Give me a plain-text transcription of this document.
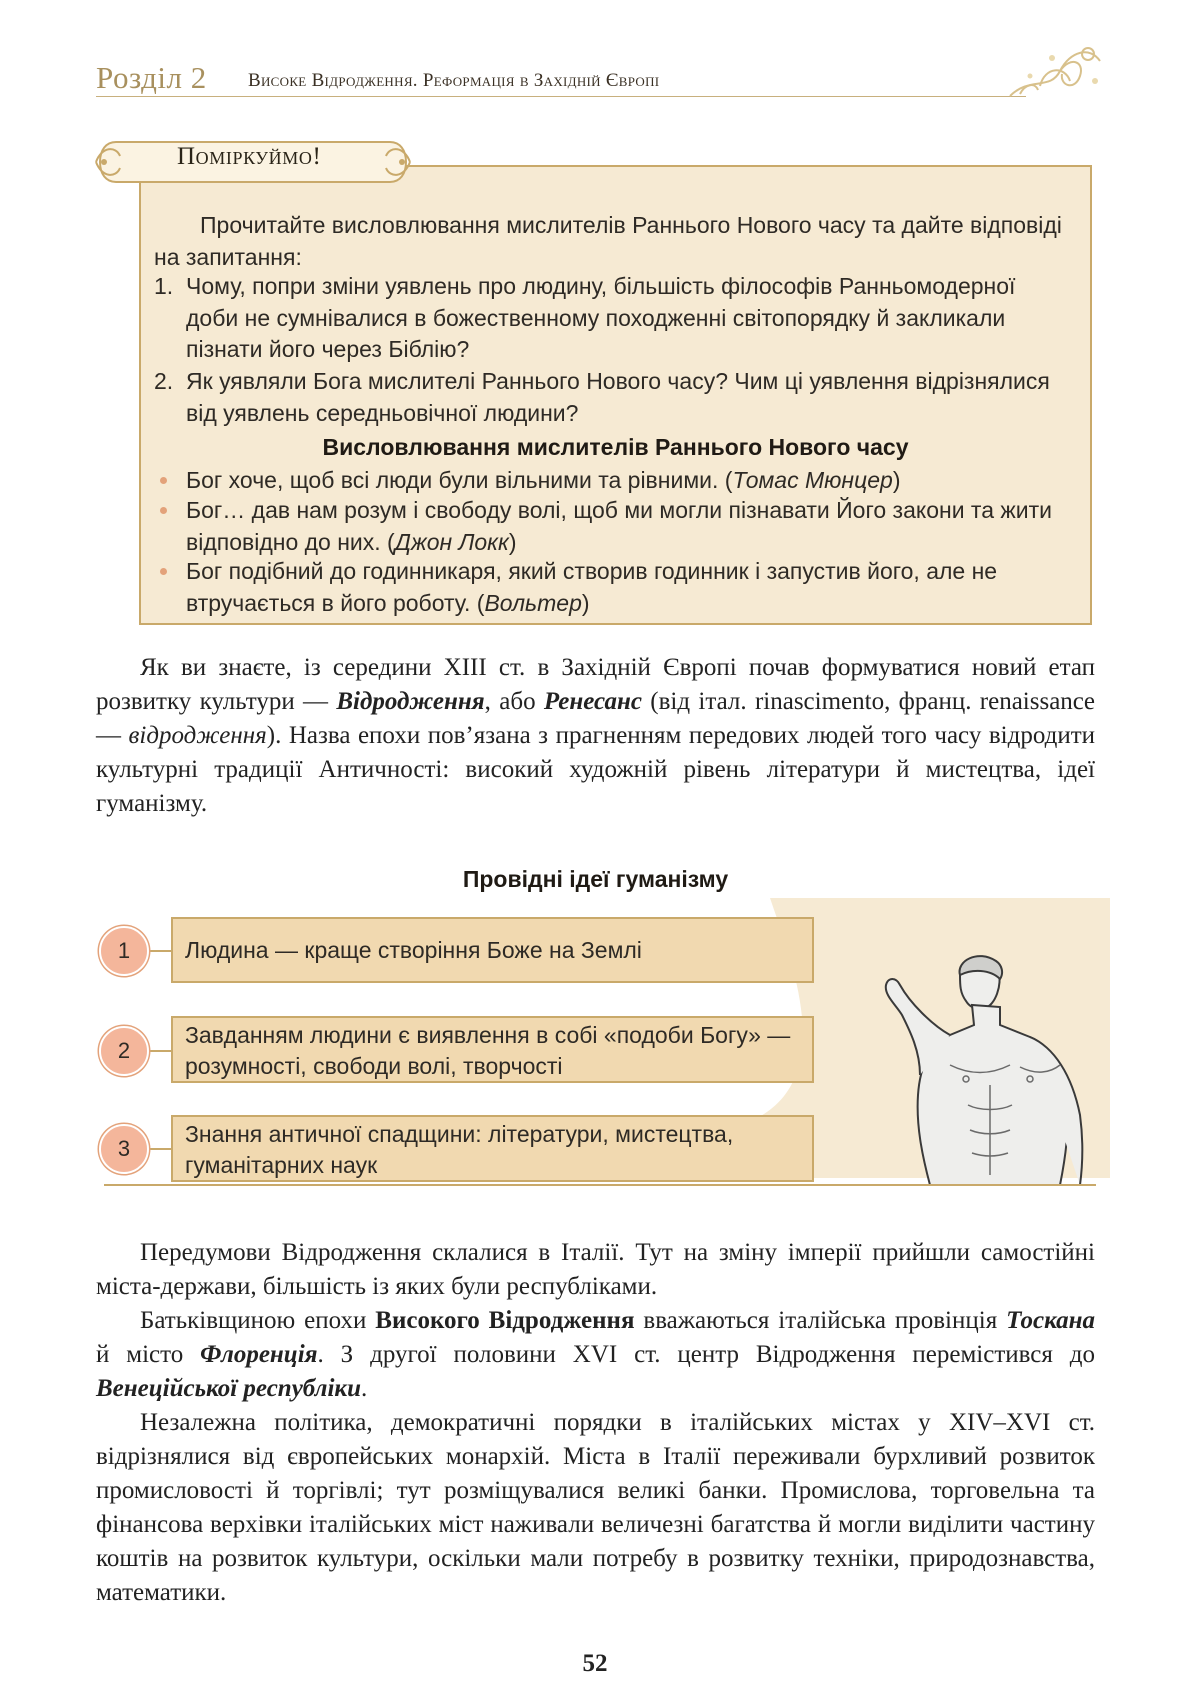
Розділ 2 Високе Відродження. Реформація в Західній Європі
Поміркуймо!
Прочитайте висловлювання мислителів Раннього Нового часу та дайте відповіді на запитання:
1. Чому, попри зміни уявлень про людину, більшість філософів Ранньомодерної доби не сумнівалися в божественному походженні світопорядку й закликали пізнати його через Біблію?
2. Як уявляли Бога мислителі Раннього Нового часу? Чим ці уявлення відрізнялися від уявлень середньовічної людини?
Висловлювання мислителів Раннього Нового часу
Бог хоче, щоб всі люди були вільними та рівними. (Томас Мюнцер)
Бог… дав нам розум і свободу волі, щоб ми могли пізнавати Його закони та жити відповідно до них. (Джон Локк)
Бог подібний до годинникаря, який створив годинник і запустив його, але не втручається в його роботу. (Вольтер)
Як ви знаєте, із середини XIII ст. в Західній Європі почав формуватися новий етап розвитку культури — Відродження, або Ренесанс (від італ. rinascimento, франц. renaissance — відродження). Назва епохи пов’язана з прагненням передових людей того часу відродити культурні традиції Античності: високий художній рівень літератури й мистецтва, ідеї гуманізму.
Провідні ідеї гуманізму
1	Людина — краще створіння Боже на Землі
2
Завданням людини є виявлення в собі «подоби Богу» — розумності, свободи волі, творчості
3
Знання античної спадщини: літератури, мистецтва, гуманітарних наук
Передумови Відродження склалися в Італії. Тут на зміну імперії прийшли самостійні міста-держави, більшість із яких були республіками.
Батьківщиною епохи Високого Відродження вважаються італійська провінція Тоскана й місто Флоренція. З другої половини XVI ст. центр Відродження перемістився до Венеційської республіки.
Незалежна політика, демократичні порядки в італійських містах у XIV–XVI ст. відрізнялися від європейських монархій. Міста в Італії переживали бурхливий розвиток промисловості й торгівлі; тут розміщувалися великі банки. Промислова, торговельна та фінансова верхівки італійських міст наживали величезні багатства й могли виділити частину коштів на розвиток культури, оскільки мали потребу в розвитку техніки, природознавства, математики.
52
